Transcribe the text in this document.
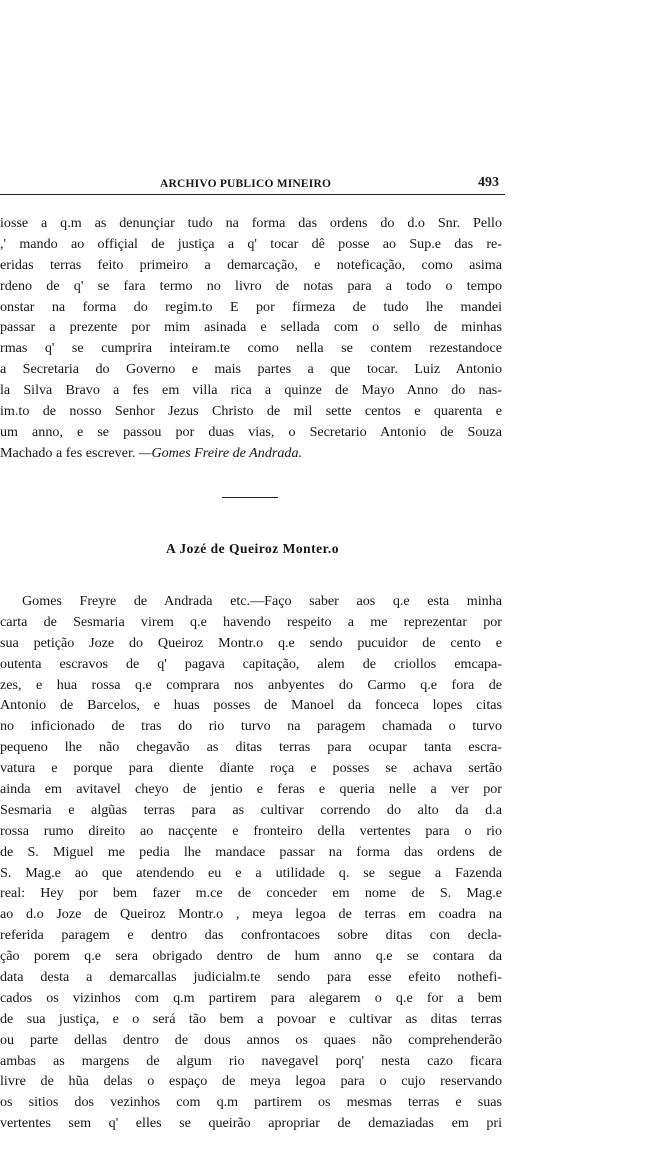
ARCHIVO PUBLICO MINEIRO	493
iosse a q.m as denunçiar tudo na forma das ordens do d.o Snr. Pello
,' mando ao offiçial de justiça a q' tocar dê posse ao Sup.e das re-
eridas terras feito primeiro a demarcação, e noteficação, como asima
rdeno de q' se fara termo no livro de notas para a todo o tempo
onstar na forma do regim.to E por firmeza de tudo lhe mandei
passar a prezente por mim asinada e sellada com o sello de minhas
rmas q' se cumprira inteiram.te como nella se contem rezestandoce
a Secretaria do Governo e mais partes a que tocar. Luiz Antonio
la Silva Bravo a fes em villa rica a quinze de Mayo Anno do nas-
im.to de nosso Senhor Jezus Christo de mil sette centos e quarenta e
um anno, e se passou por duas vias, o Secretario Antonio de Souza
Machado a fes escrever. —Gomes Freire de Andrada.
A Jozé de Queiroz Monter.o
Gomes Freyre de Andrada etc.—Faço saber aos q.e esta minha
carta de Sesmaria virem q.e havendo respeito a me reprezentar por
sua petição Joze do Queiroz Montr.o q.e sendo pucuidor de cento e
outenta escravos de q' pagava capitação, alem de criollos emcapa-
zes, e hua rossa q.e comprara nos anbyentes do Carmo q.e fora de
Antonio de Barcelos, e huas posses de Manoel da fonceca lopes citas
no inficionado de tras do rio turvo na paragem chamada o turvo
pequeno lhe não chegavão as ditas terras para ocupar tanta escra-
vatura e porque para diente diante roça e posses se achava sertão
ainda em avitavel cheyo de jentio e feras e queria nelle a ver por
Sesmaria e algũas terras para as cultivar correndo do alto da d.a
rossa rumo direito ao nacçente e fronteiro della vertentes para o rio
de S. Miguel me pedia lhe mandace passar na forma das ordens de
S. Mag.e ao que atendendo eu e a utilidade q. se segue a Fazenda
real: Hey por bem fazer m.ce de conceder em nome de S. Mag.e
ao d.o Joze de Queiroz Montr.o , meya legoa de terras em coadra na
referida paragem e dentro das confrontacoes sobre ditas con decla-
ção porem q.e sera obrigado dentro de hum anno q.e se contara da
data desta a demarcallas judicialm.te sendo para esse efeito nothefi-
cados os vizinhos com q.m partirem para alegarem o q.e for a bem
de sua justiça, e o será tão bem a povoar e cultivar as ditas terras
ou parte dellas dentro de dous annos os quaes não comprehenderão
ambas as margens de algum rio navegavel porq' nesta cazo ficara
livre de hũa delas o espaço de meya legoa para o cujo reservando
os sitios dos vezinhos com q.m partirem os mesmas terras e suas
vertentes sem q' elles se queirão apropriar de demaziadas em pri
